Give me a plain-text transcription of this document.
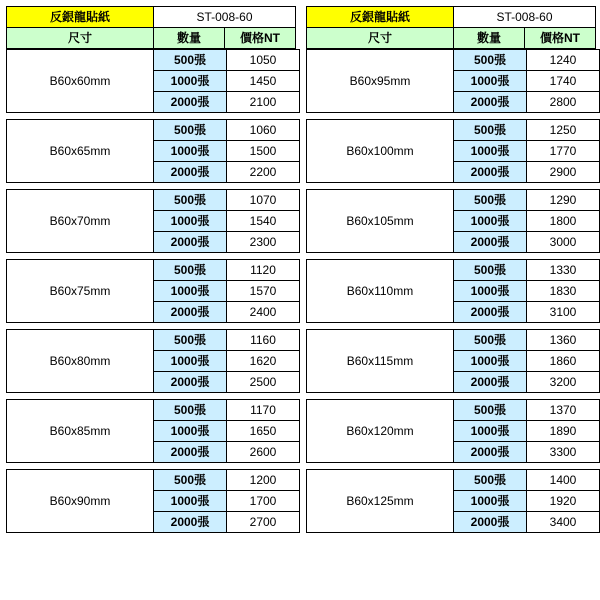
反銀龍貼紙	ST-008-60	
尺寸	數量	價格NT
B60x60mm	500張	1050
	1000張	1450
	2000張	2100
B60x65mm	500張	1060
	1000張	1500
	2000張	2200
B60x70mm	500張	1070
	1000張	1540
	2000張	2300
B60x75mm	500張	1120
	1000張	1570
	2000張	2400
B60x80mm	500張	1160
	1000張	1620
	2000張	2500
B60x85mm	500張	1170
	1000張	1650
	2000張	2600
B60x90mm	500張	1200
	1000張	1700
	2000張	2700
反銀龍貼紙	ST-008-60	
尺寸	數量	價格NT
B60x95mm	500張	1240
	1000張	1740
	2000張	2800
B60x100mm	500張	1250
	1000張	1770
	2000張	2900
B60x105mm	500張	1290
	1000張	1800
	2000張	3000
B60x110mm	500張	1330
	1000張	1830
	2000張	3100
B60x115mm	500張	1360
	1000張	1860
	2000張	3200
B60x120mm	500張	1370
	1000張	1890
	2000張	3300
B60x125mm	500張	1400
	1000張	1920
	2000張	3400
